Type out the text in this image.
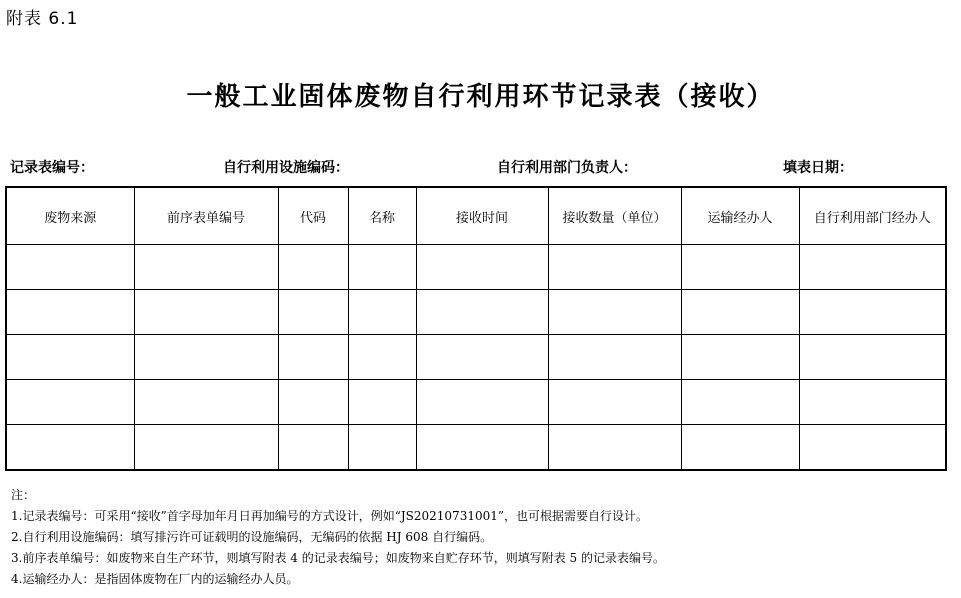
附表 6.1
一般工业固体废物自行利用环节记录表（接收）
记录表编号：	自行利用设施编码：	自行利用部门负责人：	填表日期：
废物来源	前序表单编号	代码	名称	接收时间	接收数量（单位）	运输经办人	自行利用部门经办人

注：
1.记录表编号：可采用“接收”首字母加年月日再加编号的方式设计，例如“JS20210731001”，也可根据需要自行设计。
2.自行利用设施编码：填写排污许可证载明的设施编码，无编码的依据 HJ 608 自行编码。
3.前序表单编号：如废物来自生产环节，则填写附表 4 的记录表编号；如废物来自贮存环节，则填写附表 5 的记录表编号。
4.运输经办人：是指固体废物在厂内的运输经办人员。
